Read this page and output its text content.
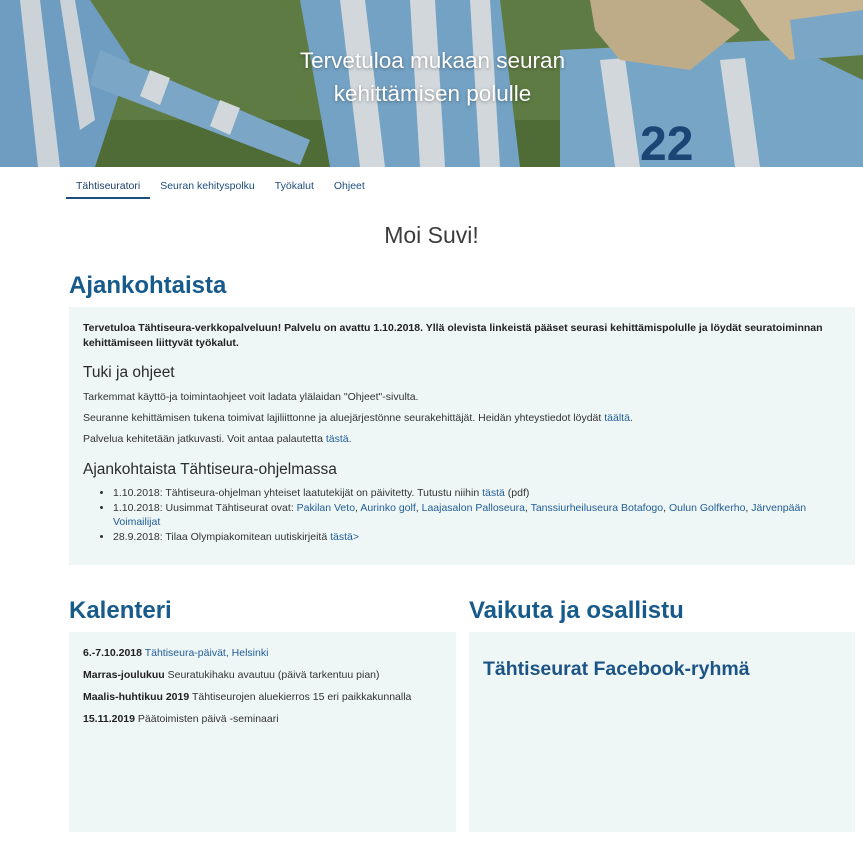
Tervetuloa mukaan seuran
kehittämisen polulle
Tähtiseuratori	Seuran kehityspolku	Työkalut	Ohjeet
Moi Suvi!
Ajankohtaista
Tervetuloa Tähtiseura-verkkopalveluun! Palvelu on avattu 1.10.2018. Yllä olevista linkeistä pääset seurasi kehittämispolulle ja löydät seuratoiminnan kehittämiseen liittyvät työkalut.
Tuki ja ohjeet
Tarkemmat käyttö-ja toimintaohjeet voit ladata ylälaidan "Ohjeet"-sivulta.
Seuranne kehittämisen tukena toimivat lajiliittonne ja aluejärjestönne seurakehittäjät. Heidän yhteystiedot löydät täältä.
Palvelua kehitetään jatkuvasti. Voit antaa palautetta tästä.
Ajankohtaista Tähtiseura-ohjelmassa
• 1.10.2018: Tähtiseura-ohjelman yhteiset laatutekijät on päivitetty. Tutustu niihin tästä (pdf)
• 1.10.2018: Uusimmat Tähtiseurat ovat: Pakilan Veto, Aurinko golf, Laajasalon Palloseura, Tanssiurheiluseura Botafogo, Oulun Golfkerho, Järvenpään Voimailijat
• 28.9.2018: Tilaa Olympiakomitean uutiskirjeitä tästä>
Kalenteri
6.-7.10.2018 Tähtiseura-päivät, Helsinki
Marras-joulukuu Seuratukihaku avautuu (päivä tarkentuu pian)
Maalis-huhtikuu 2019 Tähtiseurojen aluekierros 15 eri paikkakunnalla
15.11.2019 Päätoimisten päivä -seminaari
Vaikuta ja osallistu
Tähtiseurat Facebook-ryhmä
